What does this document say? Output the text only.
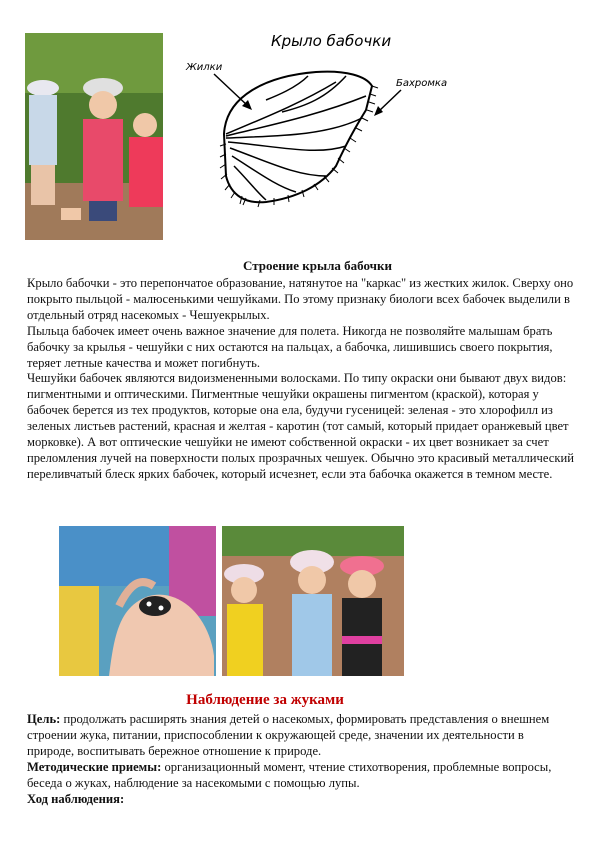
Крыло бабочки
Жилки
Бахромка
Строение крыла бабочки

Крыло бабочки - это перепончатое образование, натянутое на "каркас" из жестких жилок. Сверху оно покрыто пыльцой - малюсенькими чешуйками. По этому признаку биологи всех бабочек выделили в отдельный отряд насекомых - Чешуекрылых.

Пыльца бабочек имеет очень важное значение для полета. Никогда не позволяйте малышам брать бабочку за крылья - чешуйки с них остаются на пальцах, а бабочка, лишившись своего покрытия, теряет летные качества и может погибнуть.

Чешуйки бабочек являются видоизмененными волосками. По типу окраски они бывают двух видов: пигментными и оптическими. Пигментные чешуйки окрашены пигментом (краской), которая у бабочек берется из тех продуктов, которые она ела, будучи гусеницей: зеленая - это хлорофилл из зеленых листьев растений, красная и желтая - каротин (тот самый, который придает оранжевый цвет морковке). А вот оптические чешуйки не имеют собственной окраски - их цвет возникает за счет преломления лучей на поверхности полых прозрачных чешуек. Обычно это красивый металлический переливчатый блеск ярких бабочек, который исчезнет, если эта бабочка окажется в темном месте.

Наблюдение за жуками

Цель: продолжать расширять знания детей о насекомых, формировать представления о внешнем строении жука, питании, приспособлении к окружающей среде, значении их деятельности в природе, воспитывать бережное отношение к природе.

Методические приемы: организационный момент, чтение стихотворения, проблемные вопросы, беседа о жуках, наблюдение за насекомыми с помощью лупы.

Ход наблюдения:
